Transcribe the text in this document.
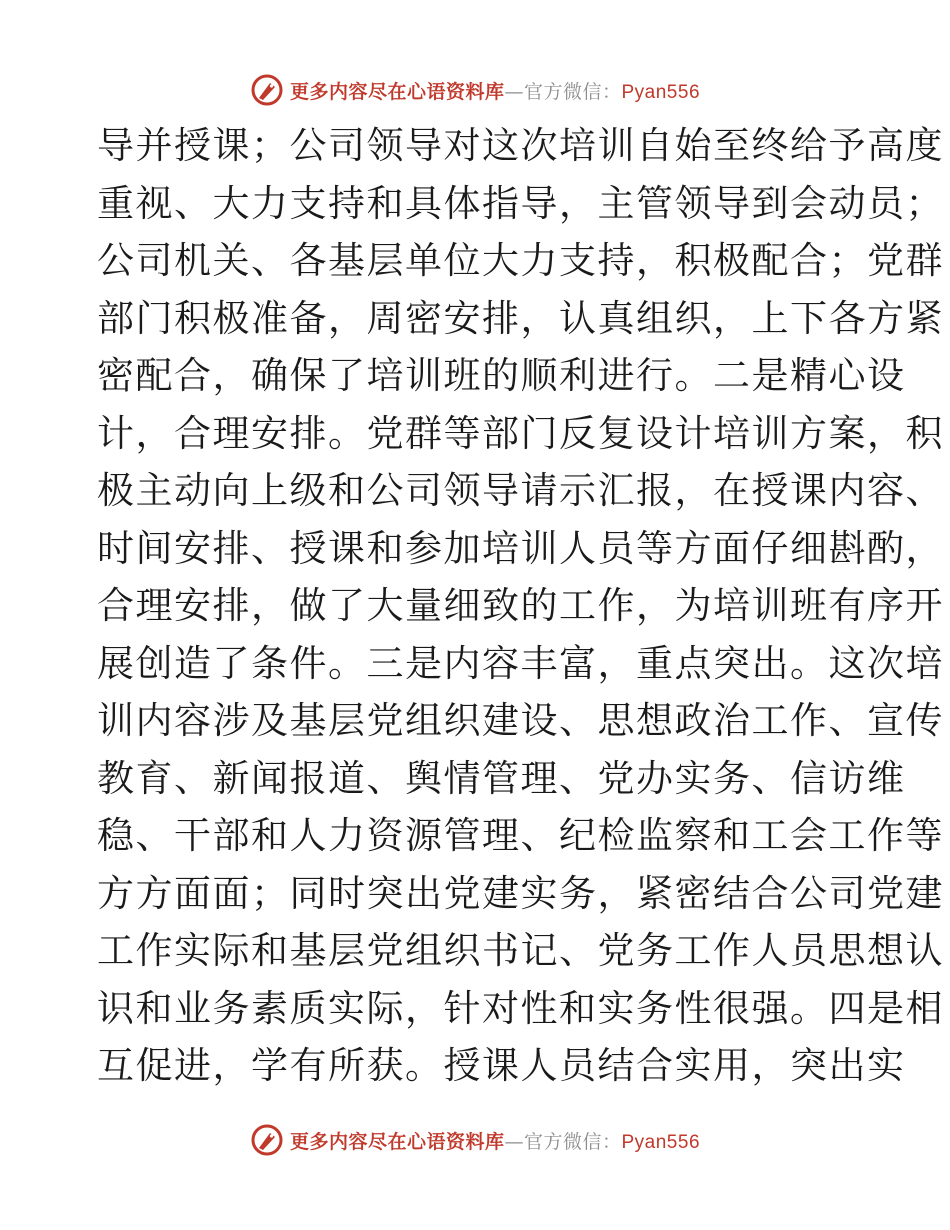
更多内容尽在心语资料库—官方微信：Pyan556
导并授课；公司领导对这次培训自始至终给予高度
重视、大力支持和具体指导，主管领导到会动员；
公司机关、各基层单位大力支持，积极配合；党群
部门积极准备，周密安排，认真组织，上下各方紧
密配合，确保了培训班的顺利进行。二是精心设
计，合理安排。党群等部门反复设计培训方案，积
极主动向上级和公司领导请示汇报，在授课内容、
时间安排、授课和参加培训人员等方面仔细斟酌，
合理安排，做了大量细致的工作，为培训班有序开
展创造了条件。三是内容丰富，重点突出。这次培
训内容涉及基层党组织建设、思想政治工作、宣传
教育、新闻报道、舆情管理、党办实务、信访维
稳、干部和人力资源管理、纪检监察和工会工作等
方方面面；同时突出党建实务，紧密结合公司党建
工作实际和基层党组织书记、党务工作人员思想认
识和业务素质实际，针对性和实务性很强。四是相
互促进，学有所获。授课人员结合实用，突出实
更多内容尽在心语资料库—官方微信：Pyan556
